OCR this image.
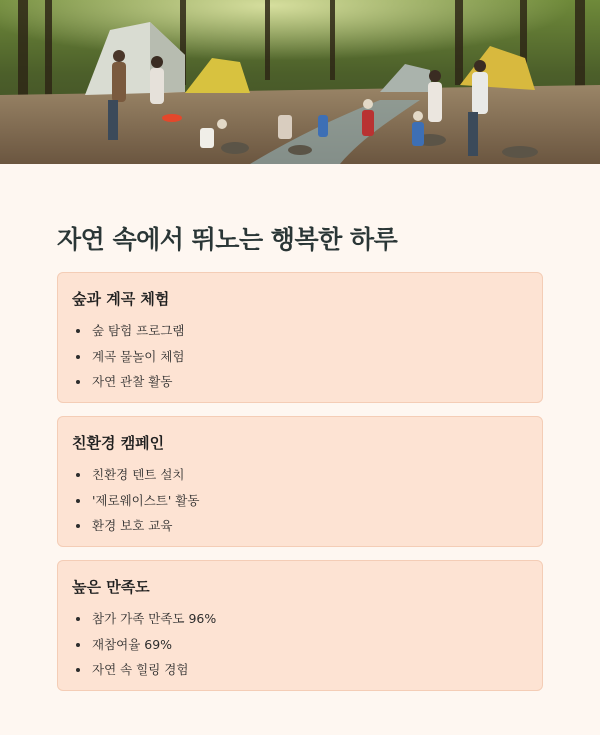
자연 속에서 뛰노는 행복한 하루
숲과 계곡 체험
숲 탐험 프로그램
계곡 물놀이 체험
자연 관찰 활동
친환경 캠페인
친환경 텐트 설치
'제로웨이스트' 활동
환경 보호 교육
높은 만족도
참가 가족 만족도 96%
재참여율 69%
자연 속 힐링 경험
